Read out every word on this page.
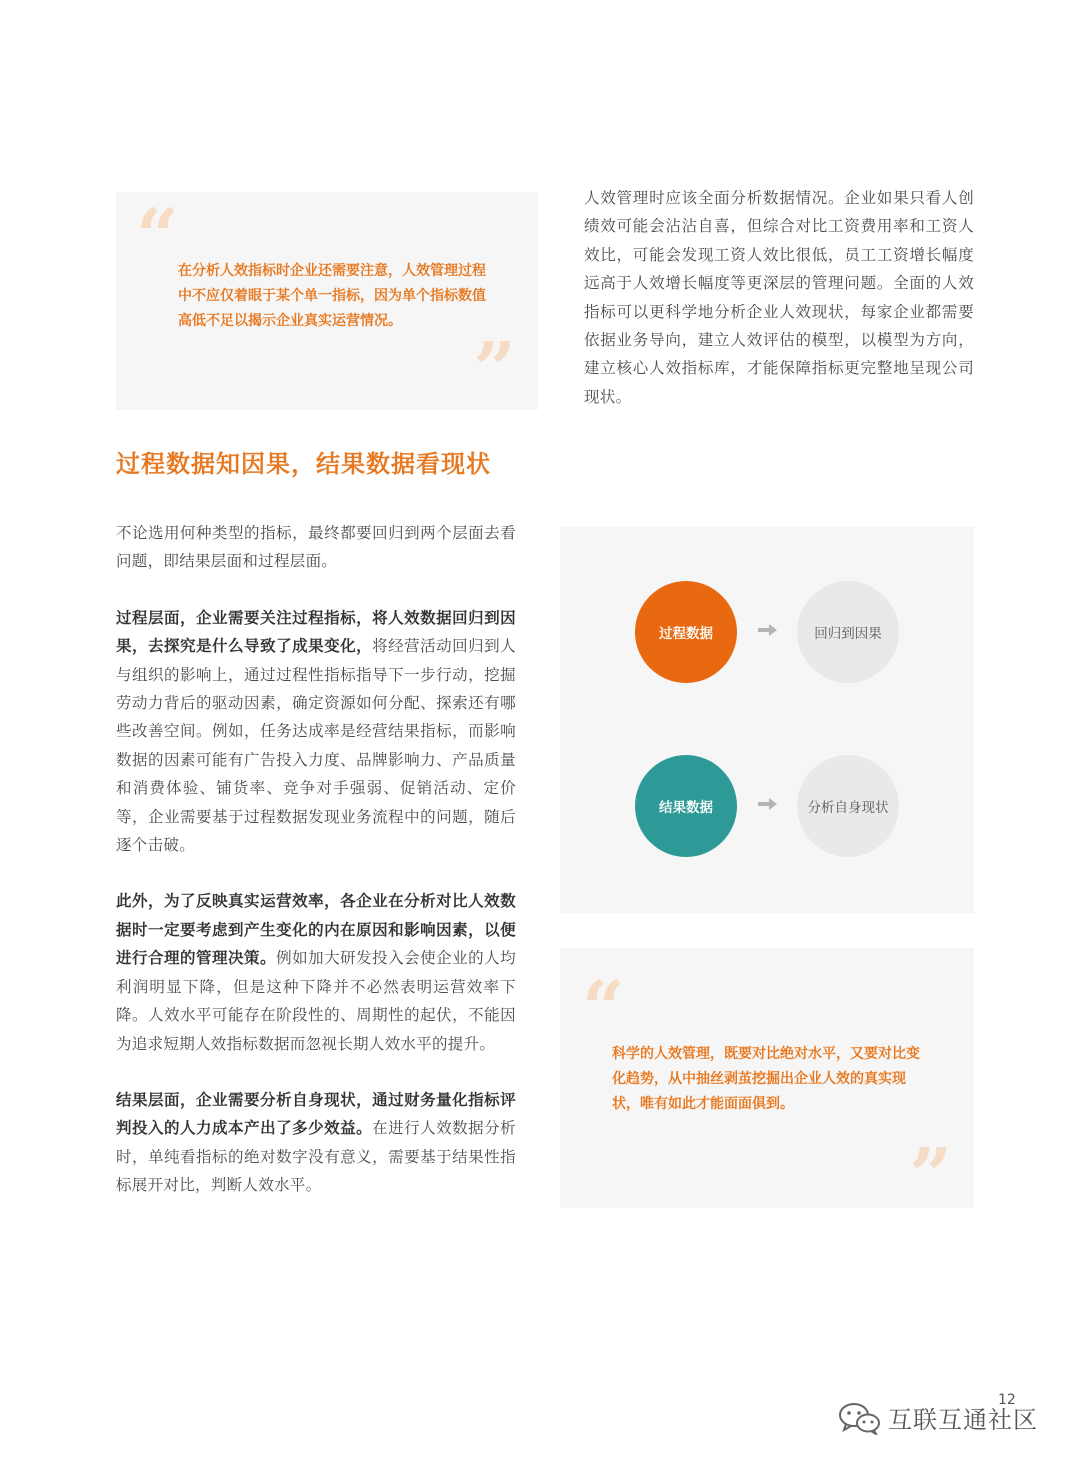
“ 在分析人效指标时企业还需要注意，人效管理过程中不应仅着眼于某个单一指标，因为单个指标数值高低不足以揭示企业真实运营情况。
”
人效管理时应该全面分析数据情况。企业如果只看人创绩效可能会沾沾自喜，但综合对比工资费用率和工资人效比，可能会发现工资人效比很低，员工工资增长幅度远高于人效增长幅度等更深层的管理问题。全面的人效指标可以更科学地分析企业人效现状，每家企业都需要依据业务导向，建立人效评估的模型，以模型为方向，建立核心人效指标库，才能保障指标更完整地呈现公司现状。
过程数据知因果，结果数据看现状

不论选用何种类型的指标，最终都要回归到两个层面去看问题，即结果层面和过程层面。

过程层面，企业需要关注过程指标，将人效数据回归到因果，去探究是什么导致了成果变化，将经营活动回归到人与组织的影响上，通过过程性指标指导下一步行动，挖掘劳动力背后的驱动因素，确定资源如何分配、探索还有哪些改善空间。例如，任务达成率是经营结果指标，而影响数据的因素可能有广告投入力度、品牌影响力、产品质量和消费体验、铺货率、竞争对手强弱、促销活动、定价等，企业需要基于过程数据发现业务流程中的问题，随后逐个击破。

此外，为了反映真实运营效率，各企业在分析对比人效数据时一定要考虑到产生变化的内在原因和影响因素，以便进行合理的管理决策。例如加大研发投入会使企业的人均利润明显下降，但是这种下降并不必然表明运营效率下降。人效水平可能存在阶段性的、周期性的起伏，不能因为追求短期人效指标数据而忽视长期人效水平的提升。

结果层面，企业需要分析自身现状，通过财务量化指标评判投入的人力成本产出了多少效益。在进行人效数据分析时，单纯看指标的绝对数字没有意义，需要基于结果性指标展开对比，判断人效水平。

过程数据	回归到因果
结果数据	分析自身现状
“
科学的人效管理，既要对比绝对水平，又要对比变化趋势，从中抽丝剥茧挖掘出企业人效的真实现状，唯有如此才能面面俱到。
”
12
互联互通社区
